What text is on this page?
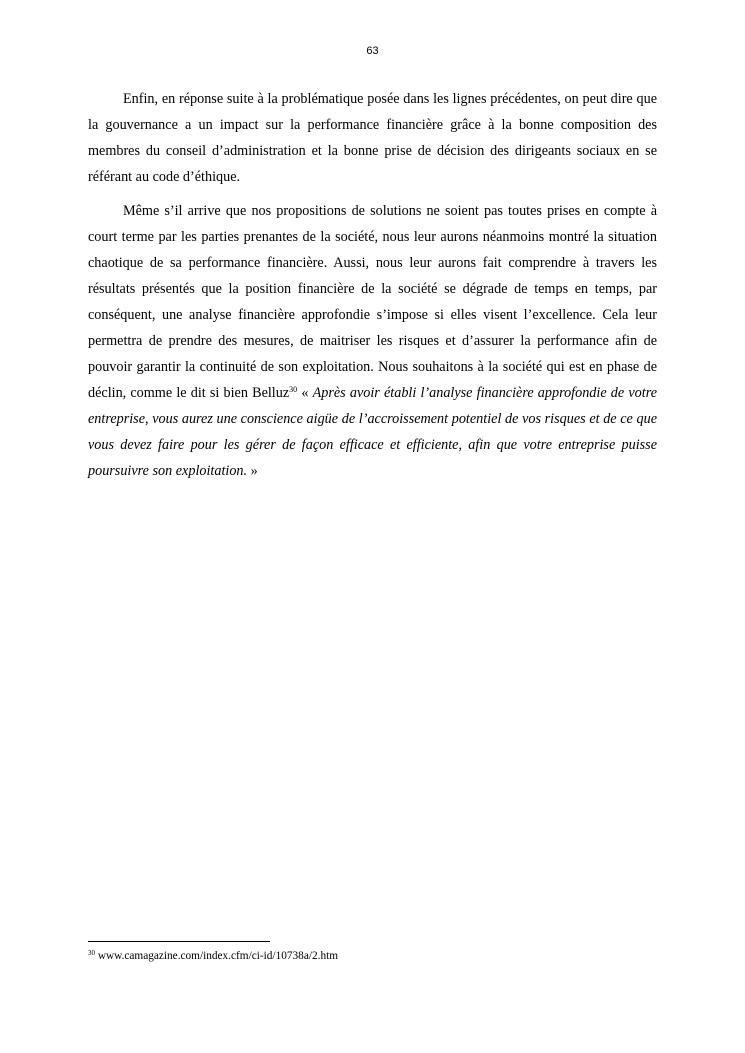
63

Enfin, en réponse suite à la problématique posée dans les lignes précédentes, on peut dire que la gouvernance a un impact sur la performance financière grâce à la bonne composition des membres du conseil d’administration et la bonne prise de décision des dirigeants sociaux en se référant au code d’éthique.

Même s’il arrive que nos propositions de solutions ne soient pas toutes prises en compte à court terme par les parties prenantes de la société, nous leur aurons néanmoins montré la situation chaotique de sa performance financière. Aussi, nous leur aurons fait comprendre à travers les résultats présentés que la position financière de la société se dégrade de temps en temps, par conséquent, une analyse financière approfondie s’impose si elles visent l’excellence. Cela leur permettra de prendre des mesures, de maitriser les risques et d’assurer la performance afin de pouvoir garantir la continuité de son exploitation. Nous souhaitons à la société qui est en phase de déclin, comme le dit si bien Belluz$^{30}$ « Après avoir établi l’analyse financière approfondie de votre entreprise, vous aurez une conscience aigüe de l’accroissement potentiel de vos risques et de ce que vous devez faire pour les gérer de façon efficace et efficiente, afin que votre entreprise puisse poursuivre son exploitation. »

$^{30}$ www.camagazine.com/index.cfm/ci-id/10738a/2.htm
